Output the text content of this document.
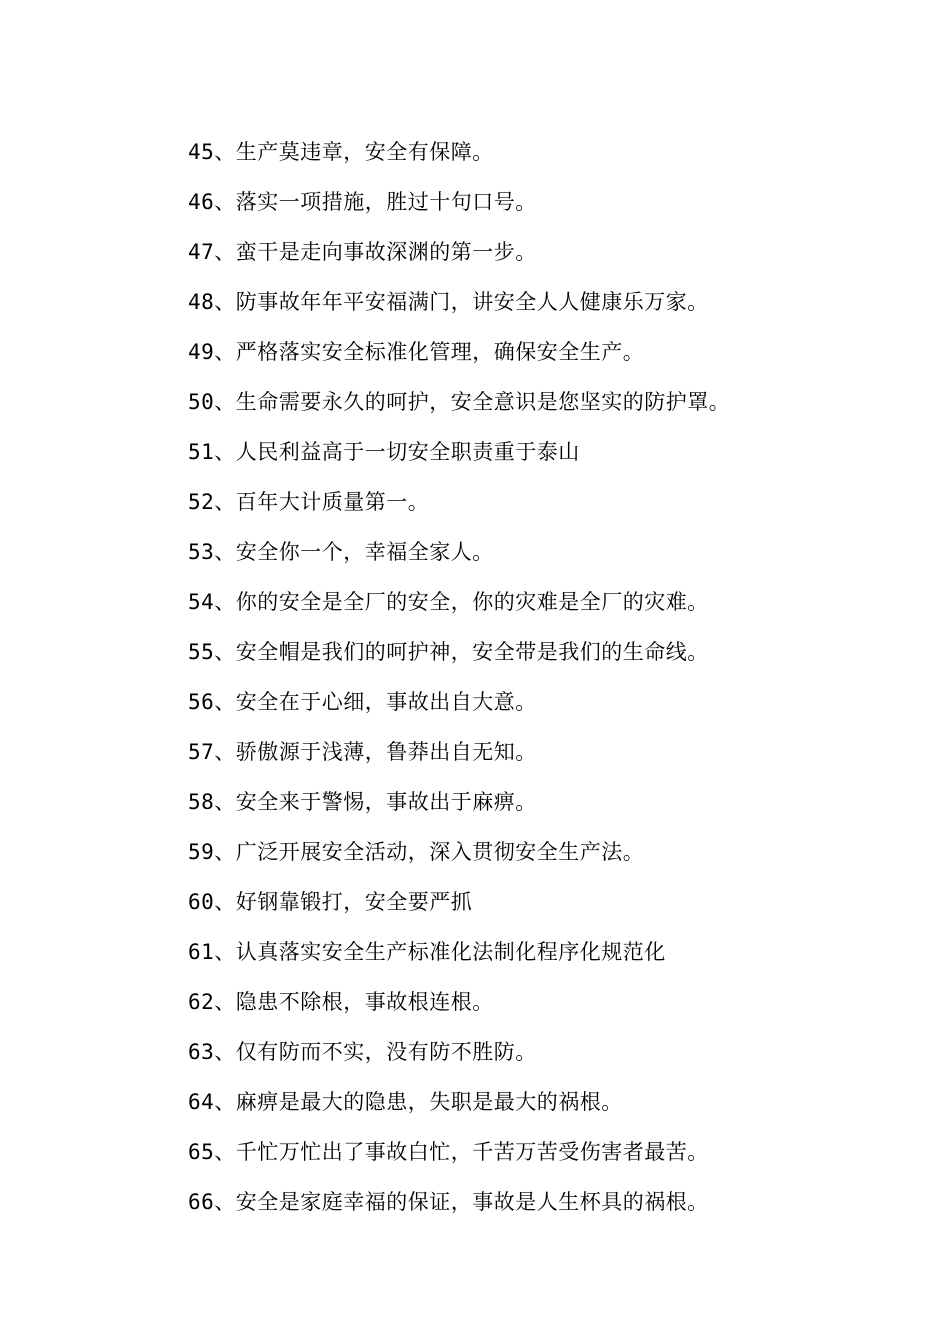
45、生产莫违章，安全有保障。
46、落实一项措施，胜过十句口号。
47、蛮干是走向事故深渊的第一步。
48、防事故年年平安福满门，讲安全人人健康乐万家。
49、严格落实安全标准化管理，确保安全生产。
50、生命需要永久的呵护，安全意识是您坚实的防护罩。
51、人民利益高于一切安全职责重于泰山
52、百年大计质量第一。
53、安全你一个，幸福全家人。
54、你的安全是全厂的安全，你的灾难是全厂的灾难。
55、安全帽是我们的呵护神，安全带是我们的生命线。
56、安全在于心细，事故出自大意。
57、骄傲源于浅薄，鲁莽出自无知。
58、安全来于警惕，事故出于麻痹。
59、广泛开展安全活动，深入贯彻安全生产法。
60、好钢靠锻打，安全要严抓
61、认真落实安全生产标准化法制化程序化规范化
62、隐患不除根，事故根连根。
63、仅有防而不实，没有防不胜防。
64、麻痹是最大的隐患，失职是最大的祸根。
65、千忙万忙出了事故白忙，千苦万苦受伤害者最苦。
66、安全是家庭幸福的保证，事故是人生杯具的祸根。
